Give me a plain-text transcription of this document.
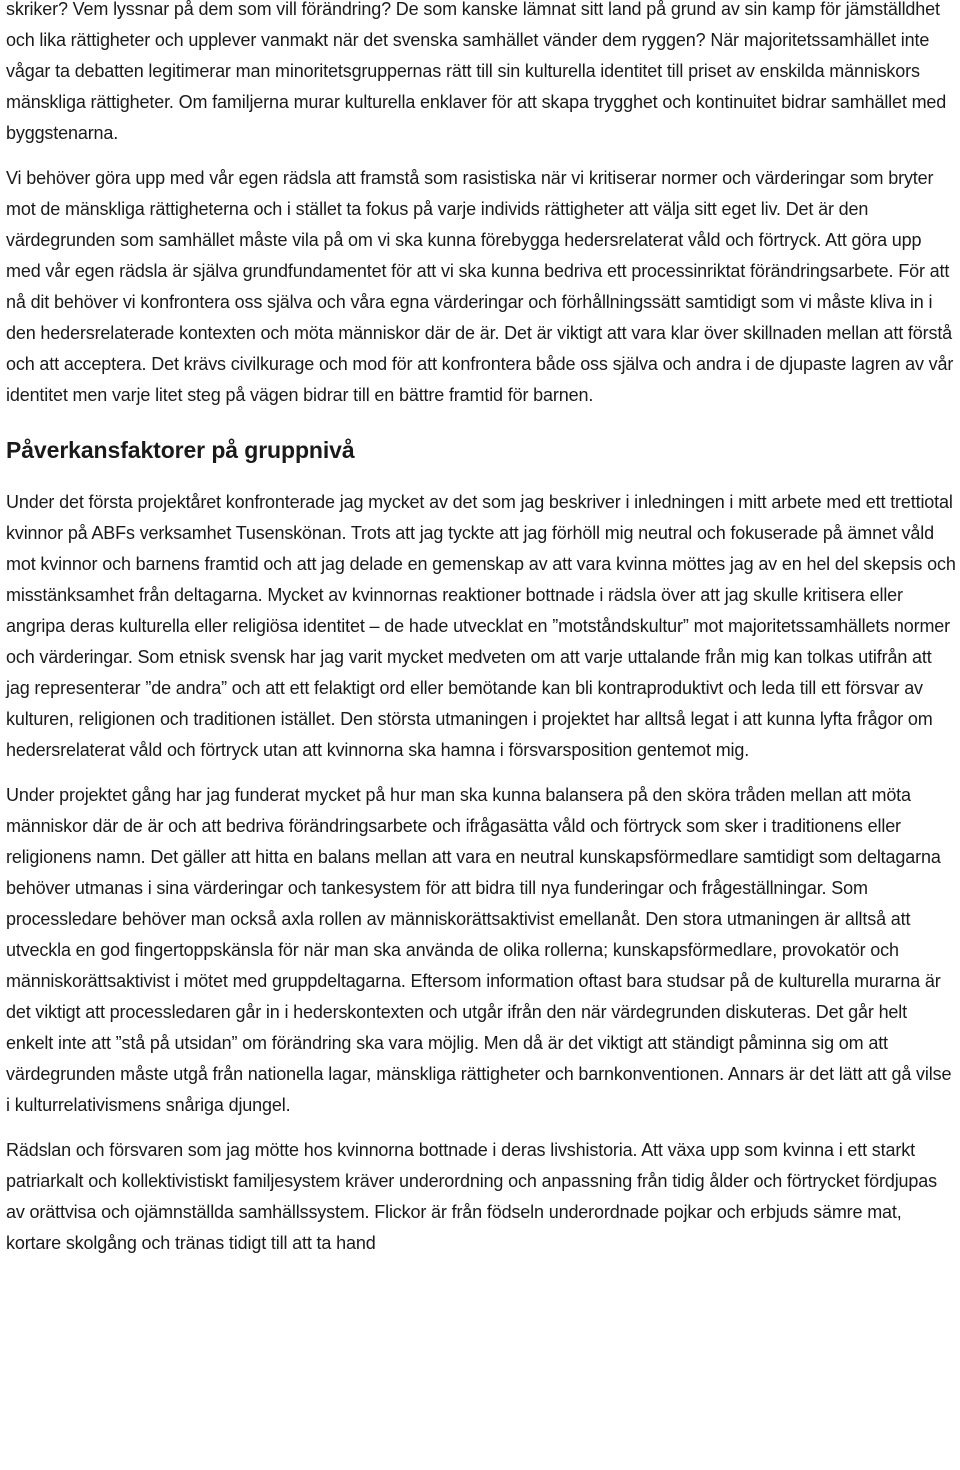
skriker? Vem lyssnar på dem som vill förändring? De som kanske lämnat sitt land på grund av sin kamp för jämställdhet och lika rättigheter och upplever vanmakt när det svenska samhället vänder dem ryggen? När majoritetssamhället inte vågar ta debatten legitimerar man minoritetsgruppernas rätt till sin kulturella identitet till priset av enskilda människors mänskliga rättigheter. Om familjerna murar kulturella enklaver för att skapa trygghet och kontinuitet bidrar samhället med byggstenarna.

Vi behöver göra upp med vår egen rädsla att framstå som rasistiska när vi kritiserar normer och värderingar som bryter mot de mänskliga rättigheterna och i stället ta fokus på varje individs rättigheter att välja sitt eget liv. Det är den värdegrunden som samhället måste vila på om vi ska kunna förebygga hedersrelaterat våld och förtryck. Att göra upp med vår egen rädsla är själva grundfundamentet för att vi ska kunna bedriva ett processinriktat förändringsarbete. För att nå dit behöver vi konfrontera oss själva och våra egna värderingar och förhållningssätt samtidigt som vi måste kliva in i den hedersrelaterade kontexten och möta människor där de är. Det är viktigt att vara klar över skillnaden mellan att förstå och att acceptera. Det krävs civilkurage och mod för att konfrontera både oss själva och andra i de djupaste lagren av vår identitet men varje litet steg på vägen bidrar till en bättre framtid för barnen.

Påverkansfaktorer på gruppnivå

Under det första projektåret konfronterade jag mycket av det som jag beskriver i inledningen i mitt arbete med ett trettiotal kvinnor på ABFs verksamhet Tusenskönan. Trots att jag tyckte att jag förhöll mig neutral och fokuserade på ämnet våld mot kvinnor och barnens framtid och att jag delade en gemenskap av att vara kvinna möttes jag av en hel del skepsis och misstänksamhet från deltagarna. Mycket av kvinnornas reaktioner bottnade i rädsla över att jag skulle kritisera eller angripa deras kulturella eller religiösa identitet – de hade utvecklat en ”motståndskultur” mot majoritetssamhällets normer och värderingar. Som etnisk svensk har jag varit mycket medveten om att varje uttalande från mig kan tolkas utifrån att jag representerar ”de andra” och att ett felaktigt ord eller bemötande kan bli kontraproduktivt och leda till ett försvar av kulturen, religionen och traditionen istället. Den största utmaningen i projektet har alltså legat i att kunna lyfta frågor om hedersrelaterat våld och förtryck utan att kvinnorna ska hamna i försvarsposition gentemot mig.

Under projektet gång har jag funderat mycket på hur man ska kunna balansera på den sköra tråden mellan att möta människor där de är och att bedriva förändringsarbete och ifrågasätta våld och förtryck som sker i traditionens eller religionens namn. Det gäller att hitta en balans mellan att vara en neutral kunskapsförmedlare samtidigt som deltagarna behöver utmanas i sina värderingar och tankesystem för att bidra till nya funderingar och frågeställningar. Som processledare behöver man också axla rollen av människorättsaktivist emellanåt. Den stora utmaningen är alltså att utveckla en god fingertoppskänsla för när man ska använda de olika rollerna; kunskapsförmedlare, provokatör och människorättsaktivist i mötet med gruppdeltagarna. Eftersom information oftast bara studsar på de kulturella murarna är det viktigt att processledaren går in i hederskontexten och utgår ifrån den när värdegrunden diskuteras. Det går helt enkelt inte att ”stå på utsidan” om förändring ska vara möjlig. Men då är det viktigt att ständigt påminna sig om att värdegrunden måste utgå från nationella lagar, mänskliga rättigheter och barnkonventionen. Annars är det lätt att gå vilse i kulturrelativismens snåriga djungel.

Rädslan och försvaren som jag mötte hos kvinnorna bottnade i deras livshistoria. Att växa upp som kvinna i ett starkt patriarkalt och kollektivistiskt familjesystem kräver underordning och anpassning från tidig ålder och förtrycket fördjupas av orättvisa och ojämnställda samhällssystem. Flickor är från födseln underordnade pojkar och erbjuds sämre mat, kortare skolgång och tränas tidigt till att ta hand
